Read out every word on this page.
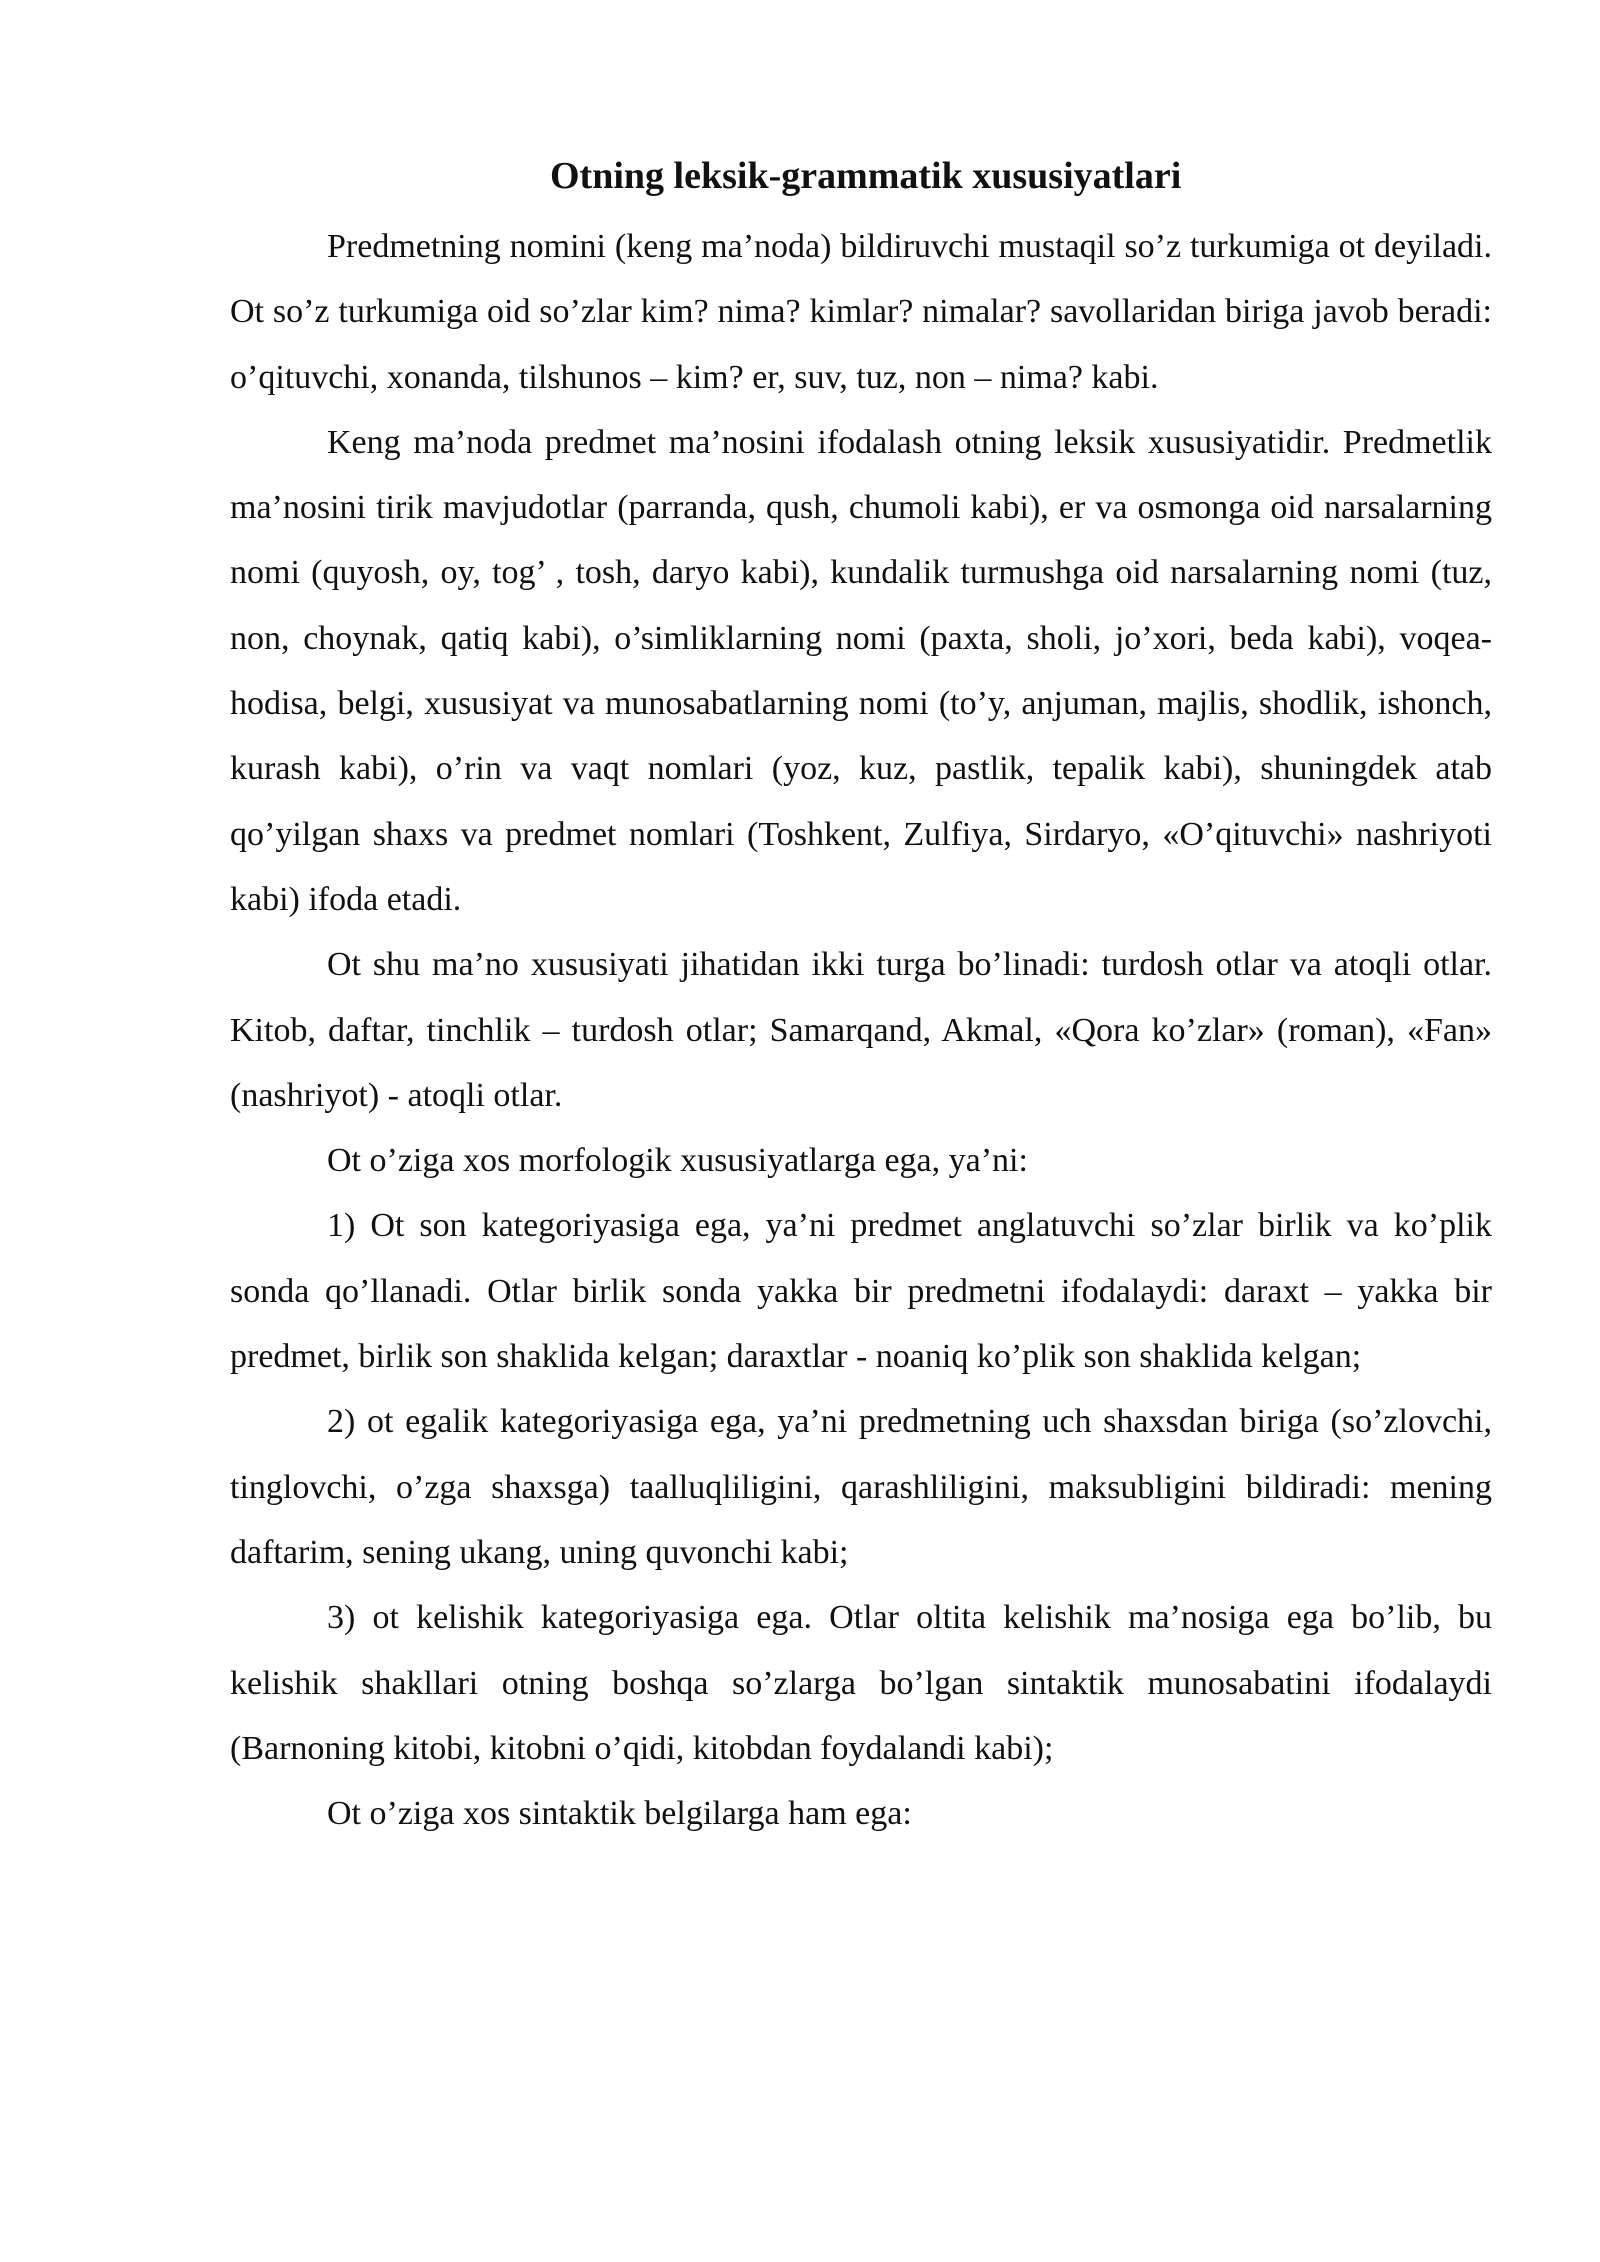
Otning leksik-grammatik xususiyatlari

Predmetning nomini (keng ma’noda) bildiruvchi mustaqil so’z turkumiga ot deyiladi. Ot so’z turkumiga oid so’zlar kim? nima? kimlar? nimalar? savollaridan biriga javob beradi: o’qituvchi, xonanda, tilshunos – kim? er, suv, tuz, non – nima? kabi.

Keng ma’noda predmet ma’nosini ifodalash otning leksik xususiyatidir. Predmetlik ma’nosini tirik mavjudotlar (parranda, qush, chumoli kabi), er va osmonga oid narsalarning nomi (quyosh, oy, tog’ , tosh, daryo kabi), kundalik turmushga oid narsalarning nomi (tuz, non, choynak, qatiq kabi), o’simliklarning nomi (paxta, sholi, jo’xori, beda kabi), voqea-hodisa, belgi, xususiyat va munosabatlarning nomi (to’y, anjuman, majlis, shodlik, ishonch, kurash kabi), o’rin va vaqt nomlari (yoz, kuz, pastlik, tepalik kabi), shuningdek atab qo’yilgan shaxs va predmet nomlari (Toshkent, Zulfiya, Sirdaryo, «O’qituvchi» nashriyoti kabi) ifoda etadi.

Ot shu ma’no xususiyati jihatidan ikki turga bo’linadi: turdosh otlar va atoqli otlar. Kitob, daftar, tinchlik – turdosh otlar; Samarqand, Akmal, «Qora ko’zlar» (roman), «Fan» (nashriyot) - atoqli otlar.

Ot o’ziga xos morfologik xususiyatlarga ega, ya’ni:

1) Ot son kategoriyasiga ega, ya’ni predmet anglatuvchi so’zlar birlik va ko’plik sonda qo’llanadi. Otlar birlik sonda yakka bir predmetni ifodalaydi: daraxt – yakka bir predmet, birlik son shaklida kelgan; daraxtlar - noaniq ko’plik son shaklida kelgan;

2) ot egalik kategoriyasiga ega, ya’ni predmetning uch shaxsdan biriga (so’zlovchi, tinglovchi, o’zga shaxsga) taalluqliligini, qarashliligini, maksubligini bildiradi: mening daftarim, sening ukang, uning quvonchi kabi;

3) ot kelishik kategoriyasiga ega. Otlar oltita kelishik ma’nosiga ega bo’lib, bu kelishik shakllari otning boshqa so’zlarga bo’lgan sintaktik munosabatini ifodalaydi (Barnoning kitobi, kitobni o’qidi, kitobdan foydalandi kabi);

Ot o’ziga xos sintaktik belgilarga ham ega:
